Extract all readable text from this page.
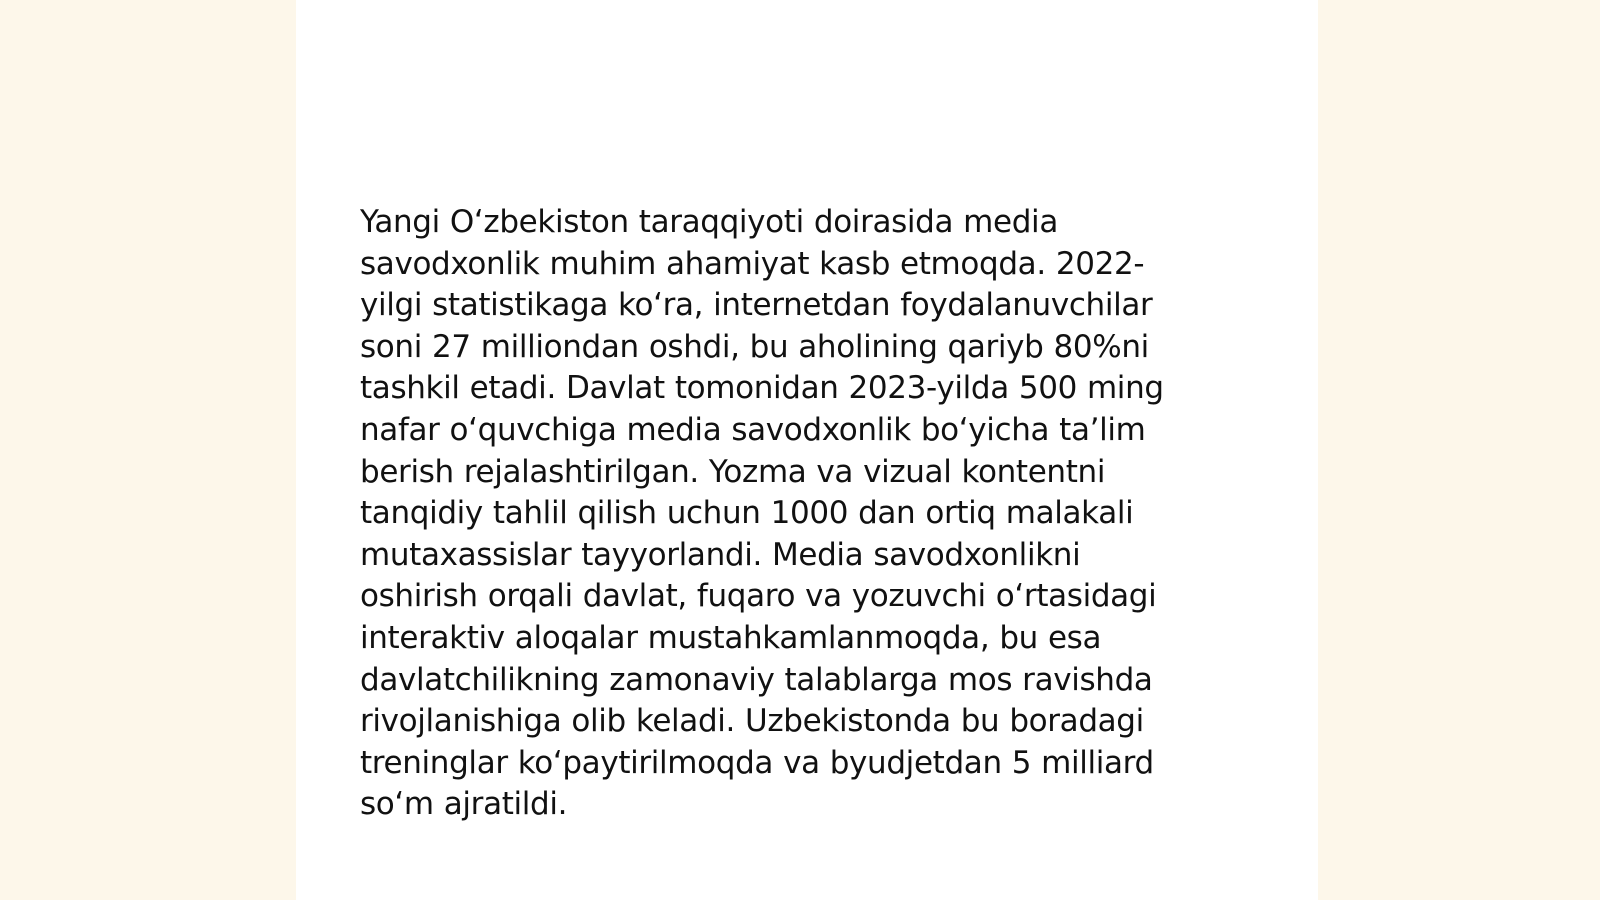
Yangi O‘zbekiston taraqqiyoti doirasida media
savodxonlik muhim ahamiyat kasb etmoqda. 2022-
yilgi statistikaga ko‘ra, internetdan foydalanuvchilar
soni 27 milliondan oshdi, bu aholining qariyb 80%ni
tashkil etadi. Davlat tomonidan 2023-yilda 500 ming
nafar o‘quvchiga media savodxonlik bo‘yicha ta’lim
berish rejalashtirilgan. Yozma va vizual kontentni
tanqidiy tahlil qilish uchun 1000 dan ortiq malakali
mutaxassislar tayyorlandi. Media savodxonlikni
oshirish orqali davlat, fuqaro va yozuvchi o‘rtasidagi
interaktiv aloqalar mustahkamlanmoqda, bu esa
davlatchilikning zamonaviy talablarga mos ravishda
rivojlanishiga olib keladi. Uzbekistonda bu boradagi
treninglar ko‘paytirilmoqda va byudjetdan 5 milliard
so‘m ajratildi.
